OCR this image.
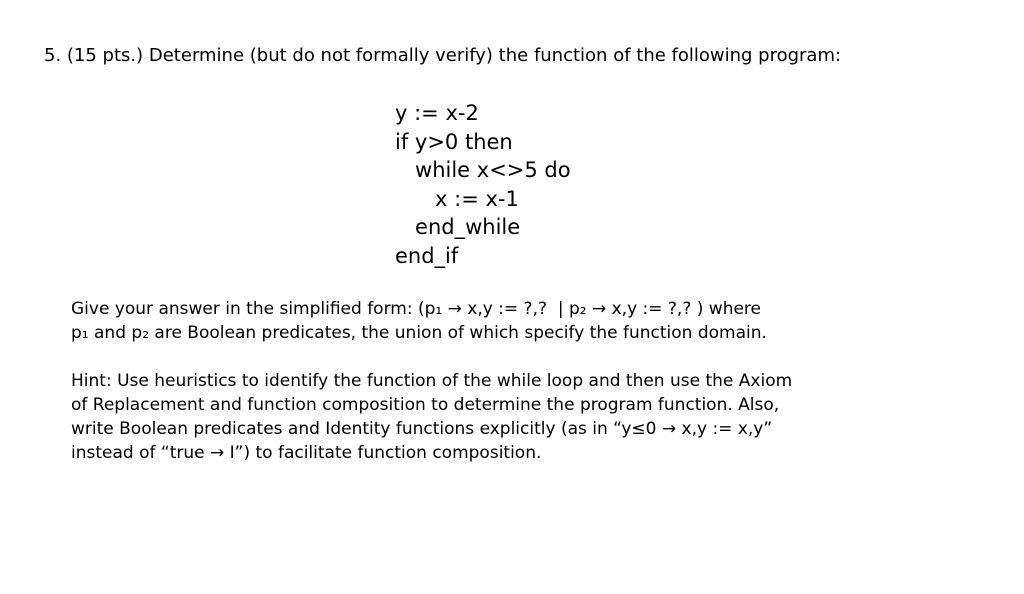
5. (15 pts.) Determine (but do not formally verify) the function of the following program:

y := x-2
if y>0 then
while x<>5 do
x := x-1
end_while
end_if
Give your answer in the simplified form: (p₁ → x,y := ?,?  | p₂ → x,y := ?,? ) where
p₁ and p₂ are Boolean predicates, the union of which specify the function domain.
Hint: Use heuristics to identify the function of the while loop and then use the Axiom
of Replacement and function composition to determine the program function. Also,
write Boolean predicates and Identity functions explicitly (as in “y≤0 → x,y := x,y”
instead of “true → I”) to facilitate function composition.
